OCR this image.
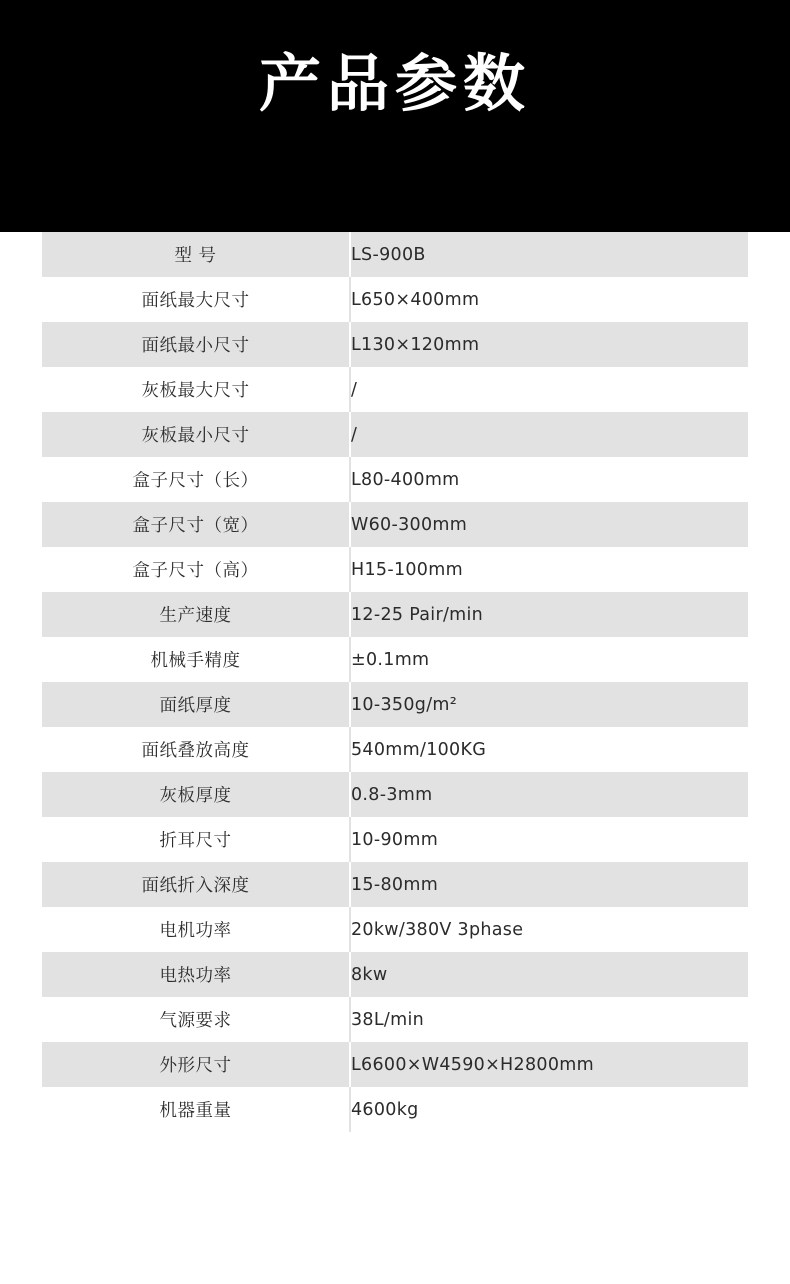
产品参数
型 号	LS-900B
面纸最大尺寸	L650×400mm
面纸最小尺寸	L130×120mm
灰板最大尺寸	/
灰板最小尺寸	/
盒子尺寸（长）	L80-400mm
盒子尺寸（宽）	W60-300mm
盒子尺寸（高）	H15-100mm
生产速度	12-25 Pair/min
机械手精度	±0.1mm
面纸厚度	10-350g/m²
面纸叠放高度	540mm/100KG
灰板厚度	0.8-3mm
折耳尺寸	10-90mm
面纸折入深度	15-80mm
电机功率	20kw/380V 3phase
电热功率	8kw
气源要求	38L/min
外形尺寸	L6600×W4590×H2800mm
机器重量	4600kg
